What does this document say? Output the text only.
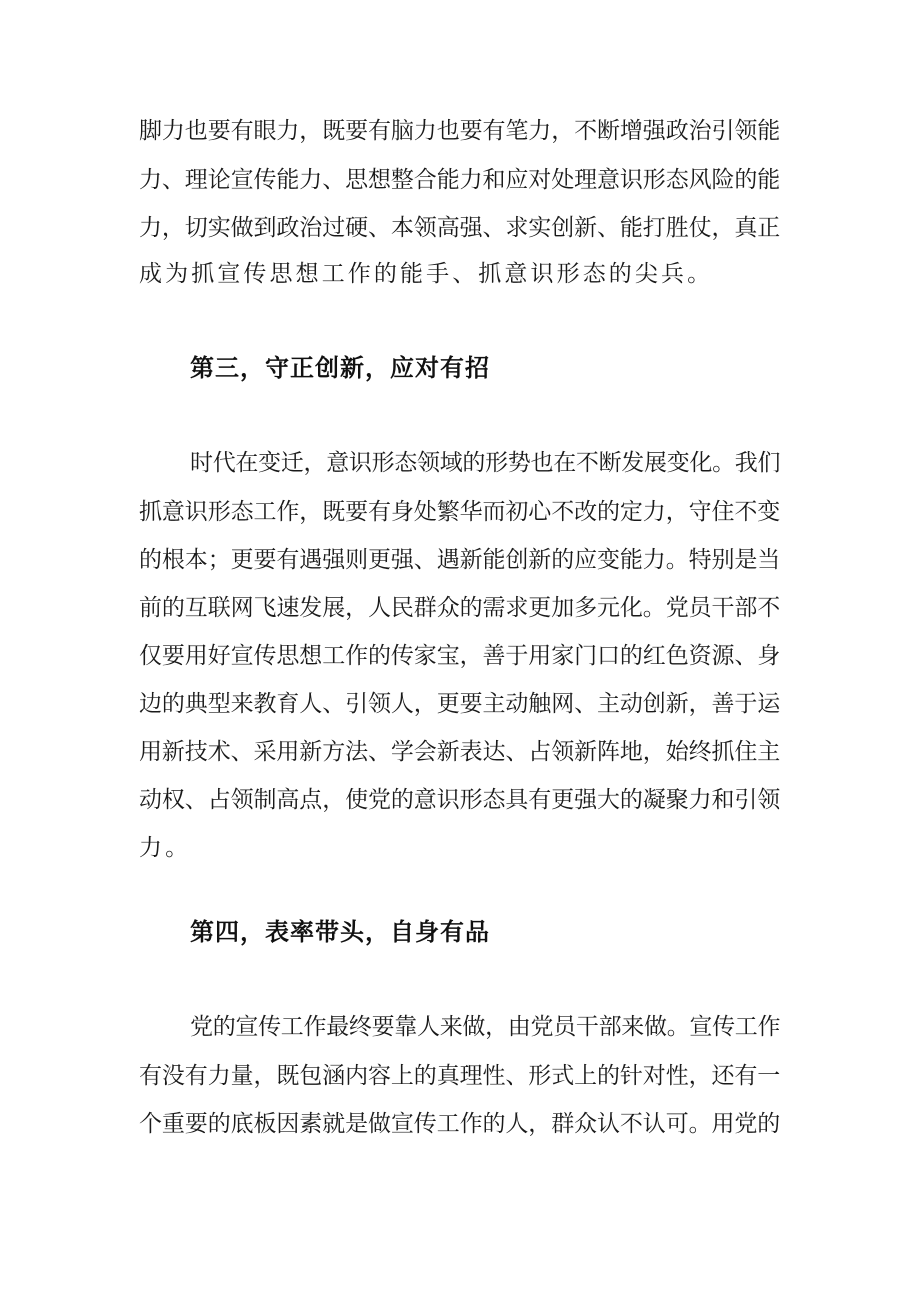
脚力也要有眼力，既要有脑力也要有笔力，不断增强政治引领能
力、理论宣传能力、思想整合能力和应对处理意识形态风险的能
力，切实做到政治过硬、本领高强、求实创新、能打胜仗，真正
成为抓宣传思想工作的能手、抓意识形态的尖兵。
第三，守正创新，应对有招
时代在变迁，意识形态领域的形势也在不断发展变化。我们
抓意识形态工作，既要有身处繁华而初心不改的定力，守住不变
的根本；更要有遇强则更强、遇新能创新的应变能力。特别是当
前的互联网飞速发展，人民群众的需求更加多元化。党员干部不
仅要用好宣传思想工作的传家宝，善于用家门口的红色资源、身
边的典型来教育人、引领人，更要主动触网、主动创新，善于运
用新技术、采用新方法、学会新表达、占领新阵地，始终抓住主
动权、占领制高点，使党的意识形态具有更强大的凝聚力和引领
力。
第四，表率带头，自身有品
党的宣传工作最终要靠人来做，由党员干部来做。宣传工作
有没有力量，既包涵内容上的真理性、形式上的针对性，还有一
个重要的底板因素就是做宣传工作的人，群众认不认可。用党的
